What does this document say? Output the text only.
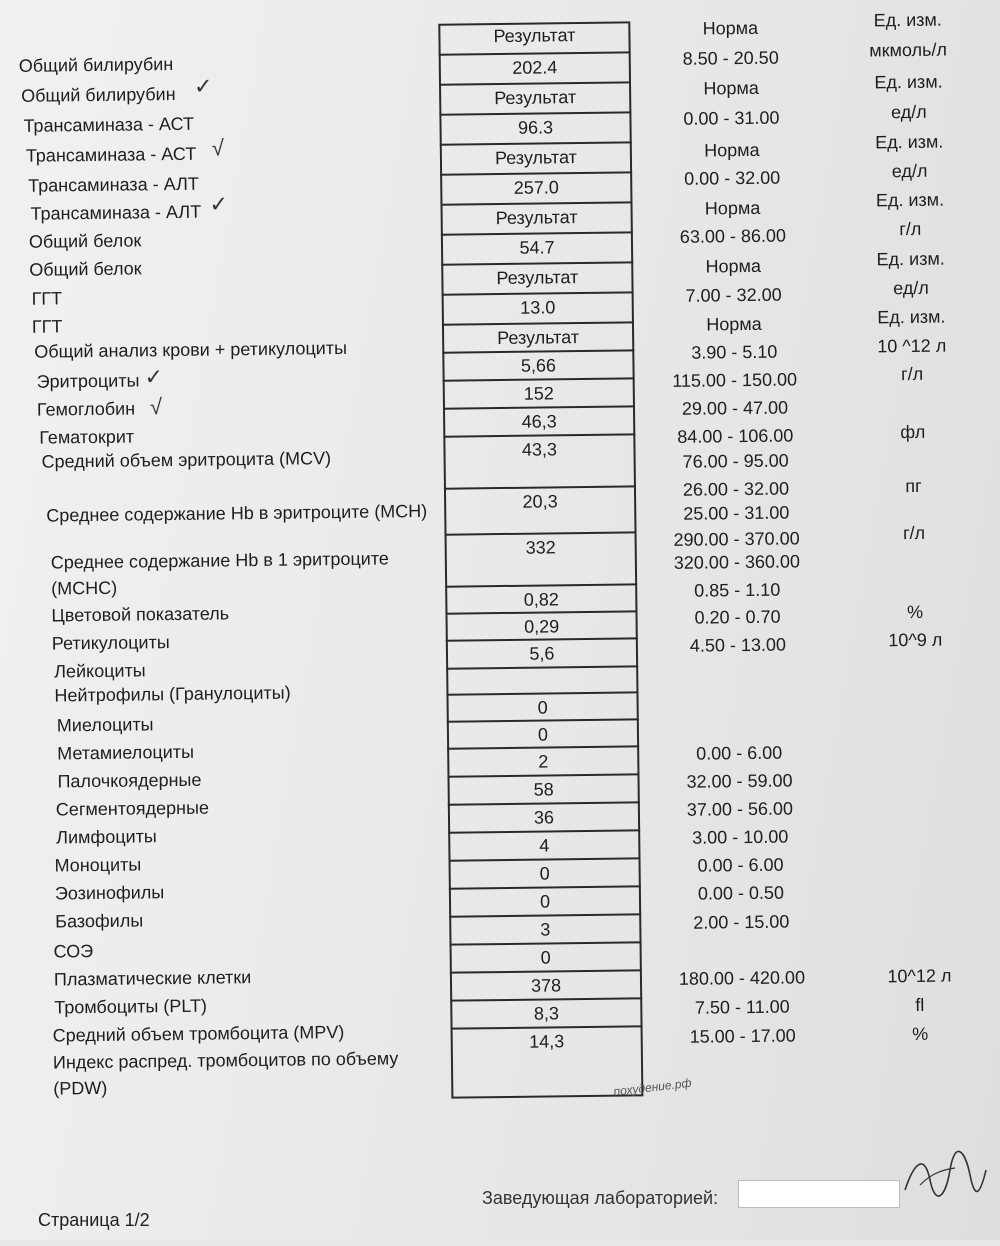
Общий билирубин
Общий билирубин ✓
Трансаминаза - АСТ
Трансаминаза - АСТ √
Трансаминаза - АЛТ
Трансаминаза - АЛТ ✓
Общий белок
Общий белок
ГГТ
ГГТ
Общий анализ крови + ретикулоциты
Эритроциты ✓
Гемоглобин √
Гематокрит
Средний объем эритроцита (MCV)
Среднее содержание Hb в эритроците (MCH)
Среднее содержание Hb в 1 эритроците (MCHC)
Цветовой показатель
Ретикулоциты
Лейкоциты
Нейтрофилы (Гранулоциты)
Миелоциты
Метамиелоциты
Палочкоядерные
Сегментоядерные
Лимфоциты
Моноциты
Эозинофилы
Базофилы
СОЭ
Плазматические клетки
Тромбоциты (PLT)
Средний объем тромбоцита (MPV)
Индекс распред. тромбоцитов по объему (PDW)
Результат
202.4
Результат
96.3
Результат
257.0
Результат
54.7
Результат
13.0
Результат
5,66
152
46,3
43,3
20,3
332
0,82
0,29
5,6
0
0
2
58
36
4
0
0
3
0
378
8,3
14,3
Норма
8.50 - 20.50
Норма
0.00 - 31.00
Норма
0.00 - 32.00
Норма
63.00 - 86.00
Норма
7.00 - 32.00
Норма
3.90 - 5.10
115.00 - 150.00
29.00 - 47.00
84.00 - 106.00
76.00 - 95.00
26.00 - 32.00
25.00 - 31.00
290.00 - 370.00
320.00 - 360.00
0.85 - 1.10
0.20 - 0.70
4.50 - 13.00
0.00 - 6.00
32.00 - 59.00
37.00 - 56.00
3.00 - 10.00
0.00 - 6.00
0.00 - 0.50
2.00 - 15.00
180.00 - 420.00
7.50 - 11.00
15.00 - 17.00
Ед. изм.
мкмоль/л
Ед. изм.
ед/л
Ед. изм.
ед/л
Ед. изм.
г/л
Ед. изм.
ед/л
Ед. изм.
10 ^12 л
г/л
фл
пг
г/л
%
10^9 л
10^12 л
fl
%
похудение.рф
Заведующая лабораторией:
Страница 1/2
